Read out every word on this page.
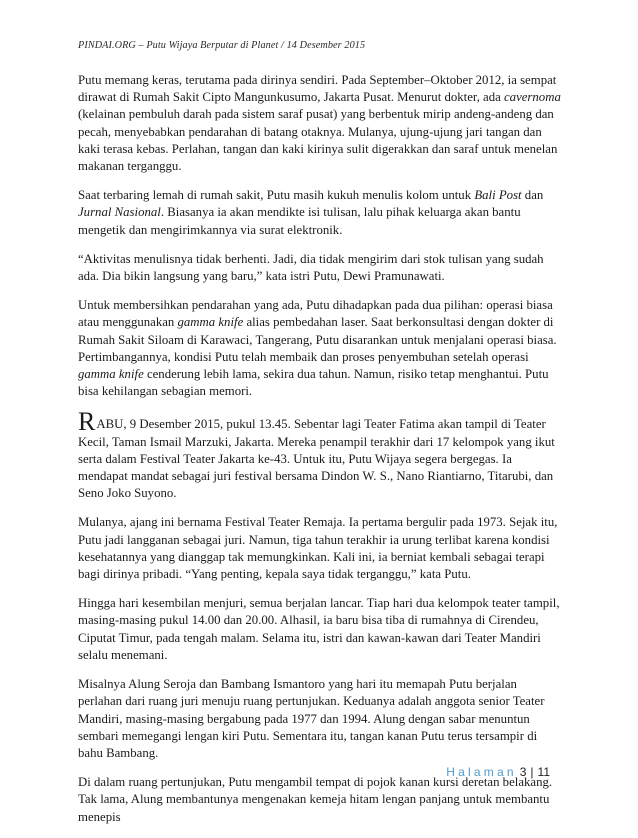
PINDAI.ORG – Putu Wijaya Berputar di Planet / 14 Desember 2015

Putu memang keras, terutama pada dirinya sendiri. Pada September–Oktober 2012, ia sempat dirawat di Rumah Sakit Cipto Mangunkusumo, Jakarta Pusat. Menurut dokter, ada cavernoma (kelainan pembuluh darah pada sistem saraf pusat) yang berbentuk mirip andeng-andeng dan pecah, menyebabkan pendarahan di batang otaknya. Mulanya, ujung-ujung jari tangan dan kaki terasa kebas. Perlahan, tangan dan kaki kirinya sulit digerakkan dan saraf untuk menelan makanan terganggu.

Saat terbaring lemah di rumah sakit, Putu masih kukuh menulis kolom untuk Bali Post dan Jurnal Nasional. Biasanya ia akan mendikte isi tulisan, lalu pihak keluarga akan bantu mengetik dan mengirimkannya via surat elektronik.

“Aktivitas menulisnya tidak berhenti. Jadi, dia tidak mengirim dari stok tulisan yang sudah ada. Dia bikin langsung yang baru,” kata istri Putu, Dewi Pramunawati.

Untuk membersihkan pendarahan yang ada, Putu dihadapkan pada dua pilihan: operasi biasa atau menggunakan gamma knife alias pembedahan laser. Saat berkonsultasi dengan dokter di Rumah Sakit Siloam di Karawaci, Tangerang, Putu disarankan untuk menjalani operasi biasa. Pertimbangannya, kondisi Putu telah membaik dan proses penyembuhan setelah operasi gamma knife cenderung lebih lama, sekira dua tahun. Namun, risiko tetap menghantui. Putu bisa kehilangan sebagian memori.

RABU, 9 Desember 2015, pukul 13.45. Sebentar lagi Teater Fatima akan tampil di Teater Kecil, Taman Ismail Marzuki, Jakarta. Mereka penampil terakhir dari 17 kelompok yang ikut serta dalam Festival Teater Jakarta ke-43. Untuk itu, Putu Wijaya segera bergegas. Ia mendapat mandat sebagai juri festival bersama Dindon W. S., Nano Riantiarno, Titarubi, dan Seno Joko Suyono.

Mulanya, ajang ini bernama Festival Teater Remaja. Ia pertama bergulir pada 1973. Sejak itu, Putu jadi langganan sebagai juri. Namun, tiga tahun terakhir ia urung terlibat karena kondisi kesehatannya yang dianggap tak memungkinkan. Kali ini, ia berniat kembali sebagai terapi bagi dirinya pribadi. “Yang penting, kepala saya tidak terganggu,” kata Putu.

Hingga hari kesembilan menjuri, semua berjalan lancar. Tiap hari dua kelompok teater tampil, masing-masing pukul 14.00 dan 20.00. Alhasil, ia baru bisa tiba di rumahnya di Cirendeu, Ciputat Timur, pada tengah malam. Selama itu, istri dan kawan-kawan dari Teater Mandiri selalu menemani.

Misalnya Alung Seroja dan Bambang Ismantoro yang hari itu memapah Putu berjalan perlahan dari ruang juri menuju ruang pertunjukan. Keduanya adalah anggota senior Teater Mandiri, masing-masing bergabung pada 1977 dan 1994. Alung dengan sabar menuntun sembari memegangi lengan kiri Putu. Sementara itu, tangan kanan Putu terus tersampir di bahu Bambang.

Di dalam ruang pertunjukan, Putu mengambil tempat di pojok kanan kursi deretan belakang. Tak lama, Alung membantunya mengenakan kemeja hitam lengan panjang untuk membantu menepis

Halaman 3 | 11
